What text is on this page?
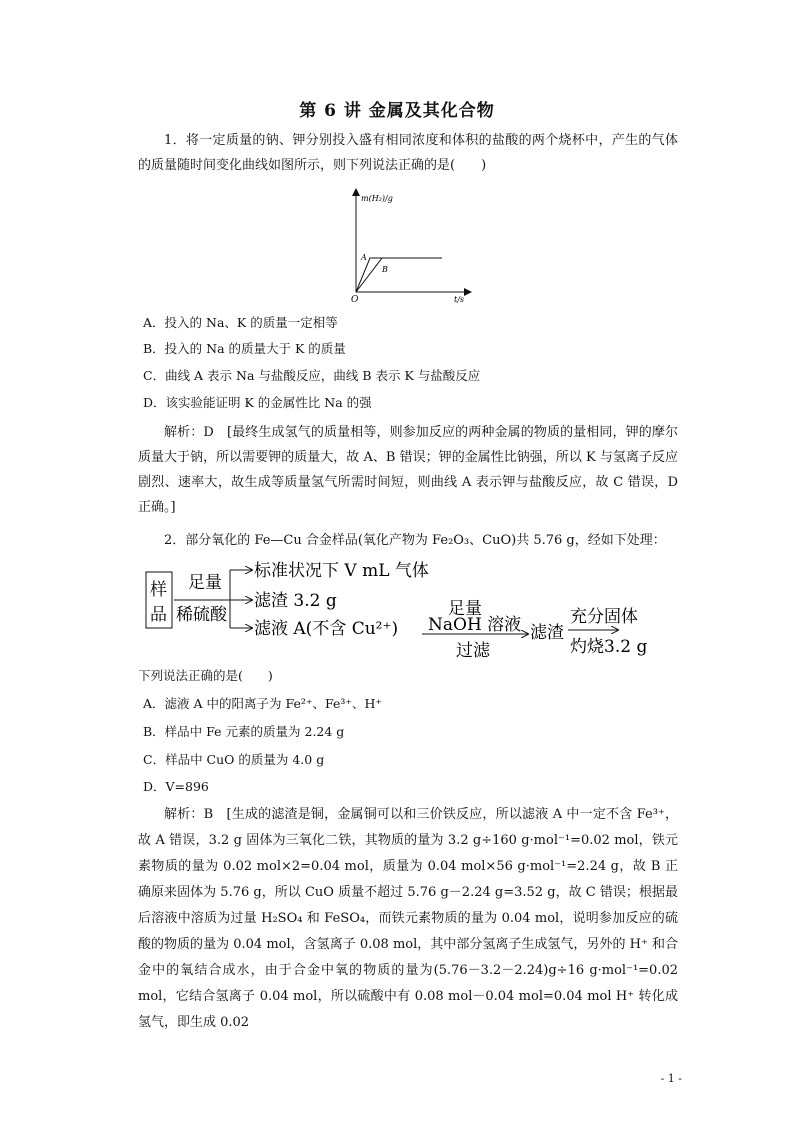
第 6 讲 金属及其化合物

1．将一定质量的钠、钾分别投入盛有相同浓度和体积的盐酸的两个烧杯中，产生的气体的质量随时间变化曲线如图所示，则下列说法正确的是(　　)

m(H₂)/g
t/s
O
A
B
A．投入的 Na、K 的质量一定相等
B．投入的 Na 的质量大于 K 的质量
C．曲线 A 表示 Na 与盐酸反应，曲线 B 表示 K 与盐酸反应
D．该实验能证明 K 的金属性比 Na 的强

解析：D　[最终生成氢气的质量相等，则参加反应的两种金属的物质的量相同，钾的摩尔质量大于钠，所以需要钾的质量大，故 A、B 错误；钾的金属性比钠强，所以 K 与氢离子反应剧烈、速率大，故生成等质量氢气所需时间短，则曲线 A 表示钾与盐酸反应，故 C 错误，D 正确。]

2．部分氧化的 Fe—Cu 合金样品(氧化产物为 Fe₂O₃、CuO)共 5.76 g，经如下处理：

样
品
足量
稀硫酸
标准状况下 V mL 气体
滤渣 3.2 g
滤液 A(不含 Cu²⁺)
足量
NaOH 溶液
过滤
滤渣
充分固体
灼烧3.2 g
下列说法正确的是(　　)
A．滤液 A 中的阳离子为 Fe²⁺、Fe³⁺、H⁺
B．样品中 Fe 元素的质量为 2.24 g
C．样品中 CuO 的质量为 4.0 g
D．V=896

解析：B　[生成的滤渣是铜，金属铜可以和三价铁反应，所以滤液 A 中一定不含 Fe³⁺，故 A 错误，3.2 g 固体为三氧化二铁，其物质的量为 3.2 g÷160 g·mol⁻¹=0.02 mol，铁元素物质的量为 0.02 mol×2=0.04 mol，质量为 0.04 mol×56 g·mol⁻¹=2.24 g，故 B 正确原来固体为 5.76 g，所以 CuO 质量不超过 5.76 g－2.24 g=3.52 g，故 C 错误；根据最后溶液中溶质为过量 H₂SO₄ 和 FeSO₄，而铁元素物质的量为 0.04 mol，说明参加反应的硫酸的物质的量为 0.04 mol，含氢离子 0.08 mol，其中部分氢离子生成氢气，另外的 H⁺ 和合金中的氧结合成水，由于合金中氧的物质的量为(5.76－3.2－2.24)g÷16 g·mol⁻¹=0.02 mol，它结合氢离子 0.04 mol，所以硫酸中有 0.08 mol－0.04 mol=0.04 mol H⁺ 转化成氢气，即生成 0.02

- 1 -
